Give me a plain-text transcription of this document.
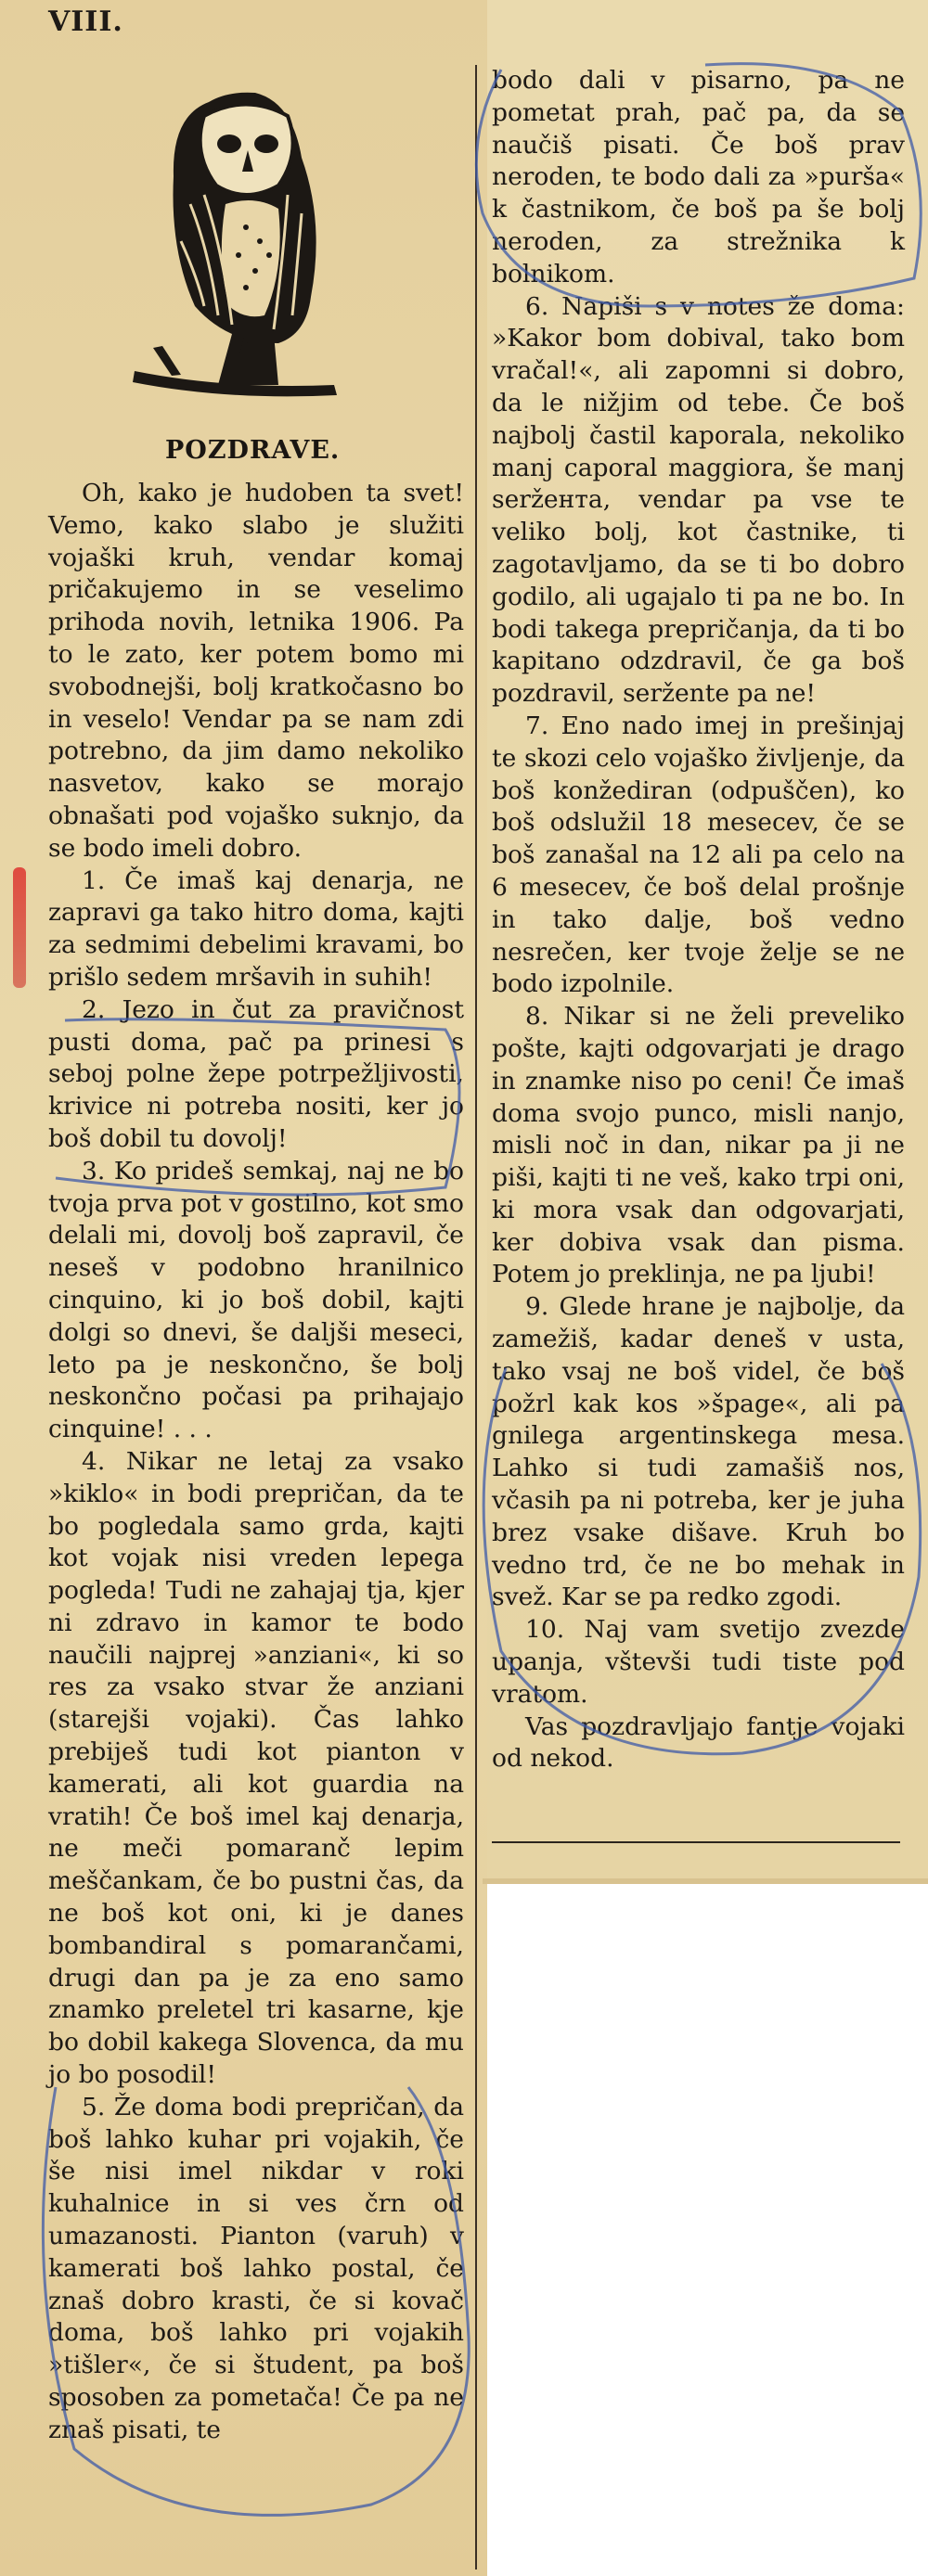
VIII.
POZDRAVE.

Oh, kako je hudoben ta svet! Vemo, kako slabo je služiti vojaški kruh, vendar komaj pričakujemo in se veselimo prihoda novih, letnika 1906. Pa to le zato, ker potem bomo mi svobodnejši, bolj kratkočasno bo in veselo! Vendar pa se nam zdi potrebno, da jim damo nekoliko nasvetov, kako se morajo obnašati pod vojaško suknjo, da se bodo imeli dobro.

1. Če imaš kaj denarja, ne zapravi ga tako hitro doma, kajti za sedmimi debelimi kravami, bo prišlo sedem mršavih in suhih!

2. Jezo in čut za pravičnost pusti doma, pač pa prinesi s seboj polne žepe potrpežljivosti, krivice ni potreba nositi, ker jo boš dobil tu dovolj!

3. Ko prideš semkaj, naj ne bo tvoja prva pot v gostilno, kot smo delali mi, dovolj boš zapravil, če neseš v podobno hranilnico cinquino, ki jo boš dobil, kajti dolgi so dnevi, še daljši meseci, leto pa je neskončno, še bolj neskončno počasi pa prihajajo cinquine! . . .

4. Nikar ne letaj za vsako »kiklo« in bodi prepričan, da te bo pogledala samo grda, kajti kot vojak nisi vreden lepega pogleda! Tudi ne zahajaj tja, kjer ni zdravo in kamor te bodo naučili najprej »anziani«, ki so res za vsako stvar že anziani (starejši vojaki). Čas lahko prebiješ tudi kot pianton v kamerati, ali kot guardia na vratih! Če boš imel kaj denarja, ne meči pomaranč lepim meščankam, če bo pustni čas, da ne boš kot oni, ki je danes bombandiral s pomarančami, drugi dan pa je za eno samo znamko preletel tri kasarne, kje bo dobil kakega Slovenca, da mu jo bo posodil!

5. Že doma bodi prepričan, da boš lahko kuhar pri vojakih, če še nisi imel nikdar v roki kuhalnice in si ves črn od umazanosti. Pianton (varuh) v kamerati boš lahko postal, če znaš dobro krasti, če si kovač doma, boš lahko pri vojakih »tišler«, če si študent, pa boš sposoben za pometača! Če pa ne znaš pisati, te

bodo dali v pisarno, pa ne pometat prah, pač pa, da se naučiš pisati. Če boš prav neroden, te bodo dali za »purša« k častnikom, če boš pa še bolj neroden, za strežnika k bolnikom.

6. Napiši s v notes že doma: »Kakor bom dobival, tako bom vračal!«, ali zapomni si dobro, da le nižjim od tebe. Če boš najbolj častil kaporala, nekoliko manj caporal maggiora, še manj seržента, vendar pa vse te veliko bolj, kot častnike, ti zagotavljamo, da se ti bo dobro godilo, ali ugajalo ti pa ne bo. In bodi takega prepričanja, da ti bo kapitano odzdravil, če ga boš pozdravil, seržente pa ne!

7. Eno nado imej in prešinjaj te skozi celo vojaško življenje, da boš konžediran (odpuščen), ko boš odslužil 18 mesecev, če se boš zanašal na 12 ali pa celo na 6 mesecev, če boš delal prošnje in tako dalje, boš vedno nesrečen, ker tvoje želje se ne bodo izpolnile.

8. Nikar si ne želi preveliko pošte, kajti odgovarjati je drago in znamke niso po ceni! Če imaš doma svojo punco, misli nanjo, misli noč in dan, nikar pa ji ne piši, kajti ti ne veš, kako trpi oni, ki mora vsak dan odgovarjati, ker dobiva vsak dan pisma. Potem jo preklinja, ne pa ljubi!

9. Glede hrane je najbolje, da zamežiš, kadar deneš v usta, tako vsaj ne boš videl, če boš požrl kak kos »špage«, ali pa gnilega argentinskega mesa. Lahko si tudi zamašiš nos, včasih pa ni potreba, ker je juha brez vsake dišave. Kruh bo vedno trd, če ne bo mehak in svež. Kar se pa redko zgodi.

10. Naj vam svetijo zvezde upanja, vštevši tudi tiste pod vratom.

Vas pozdravljajo fantje vojaki od nekod.
